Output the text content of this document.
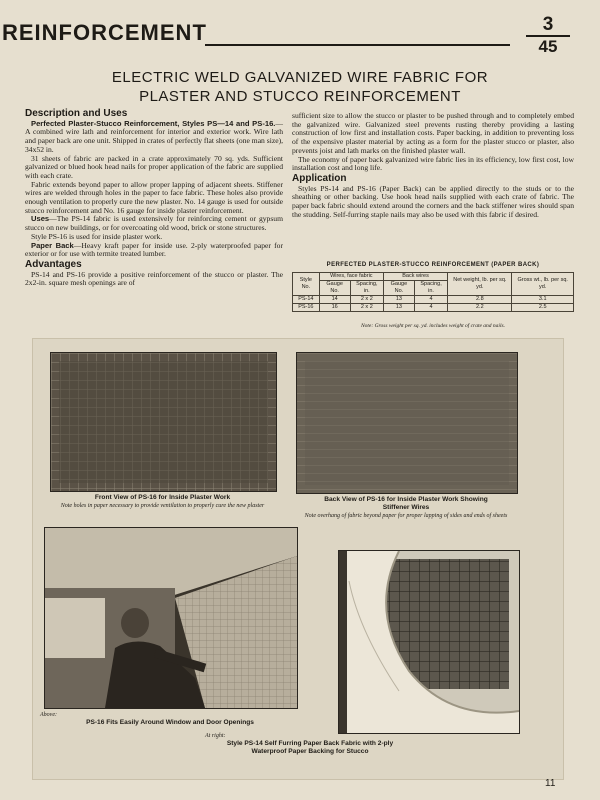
REINFORCEMENT	3
45
ELECTRIC WELD GALVANIZED WIRE FABRIC FOR
PLASTER AND STUCCO REINFORCEMENT
Description and Uses

Perfected Plaster-Stucco Reinforcement, Styles PS—14 and PS-16.—A combined wire lath and reinforcement for interior and exterior work. Wire lath and paper back are one unit. Shipped in crates of perfectly flat sheets (one man size), 34x52 in.

31 sheets of fabric are packed in a crate approximately 70 sq. yds. Sufficient galvanized or blued hook head nails for proper application of the fabric are supplied with each crate.

Fabric extends beyond paper to allow proper lapping of adjacent sheets. Stiffener wires are welded through holes in the paper to face fabric. These holes also provide enough ventilation to properly cure the new plaster. No. 14 gauge is used for outside stucco reinforcement and No. 16 gauge for inside plaster reinforcement.

Uses—The PS-14 fabric is used extensively for reinforcing cement or gypsum stucco on new buildings, or for overcoating old wood, brick or stone structures.

Style PS-16 is used for inside plaster work.

Paper Back—Heavy kraft paper for inside use. 2-ply waterproofed paper for exterior or for use with termite treated lumber.

Advantages

PS-14 and PS-16 provide a positive reinforcement of the stucco or plaster. The 2x2-in. square mesh openings are of

sufficient size to allow the stucco or plaster to be pushed through and to completely embed the galvanized wire. Galvanized steel prevents rusting thereby providing a lasting construction of low first and installation costs. Paper backing, in addition to preventing loss of the expensive plaster material by acting as a form for the plaster stucco or plaster, also prevents joist and lath marks on the finished plaster wall.

The economy of paper back galvanized wire fabric lies in its efficiency, low first cost, low installation cost and long life.

Application

Styles PS-14 and PS-16 (Paper Back) can be applied directly to the studs or to the sheathing or other backing. Use hook head nails supplied with each crate of fabric. The paper back fabric should extend around the corners and the back stiffener wires should span the studding. Self-furring staple nails may also be used with this fabric if desired.

PERFECTED PLASTER-STUCCO REINFORCEMENT (PAPER BACK)
Style No.	Wires, face fabric		Back wires		Net weight, lb. per sq. yd.	Gross wt., lb. per sq. yd.
	Gauge No.	Spacing, in.	Gauge No.	Spacing, in.		
PS-14	14	2 x 2	13	4	2.8	3.1
PS-16	16	2 x 2	13	4	2.2	2.5
Note: Gross weight per sq. yd. includes weight of crate and nails.
Front View of PS-16 for Inside Plaster Work
Note holes in paper necessary to provide ventilation to properly cure the new plaster
Back View of PS-16 for Inside Plaster Work Showing
Stiffener Wires
Note overhang of fabric beyond paper for proper lapping of sides and ends of sheets
Above:
PS-16 Fits Easily Around Window and Door Openings
At right:
Style PS-14 Self Furring Paper Back Fabric with 2-ply
Waterproof Paper Backing for Stucco
11
